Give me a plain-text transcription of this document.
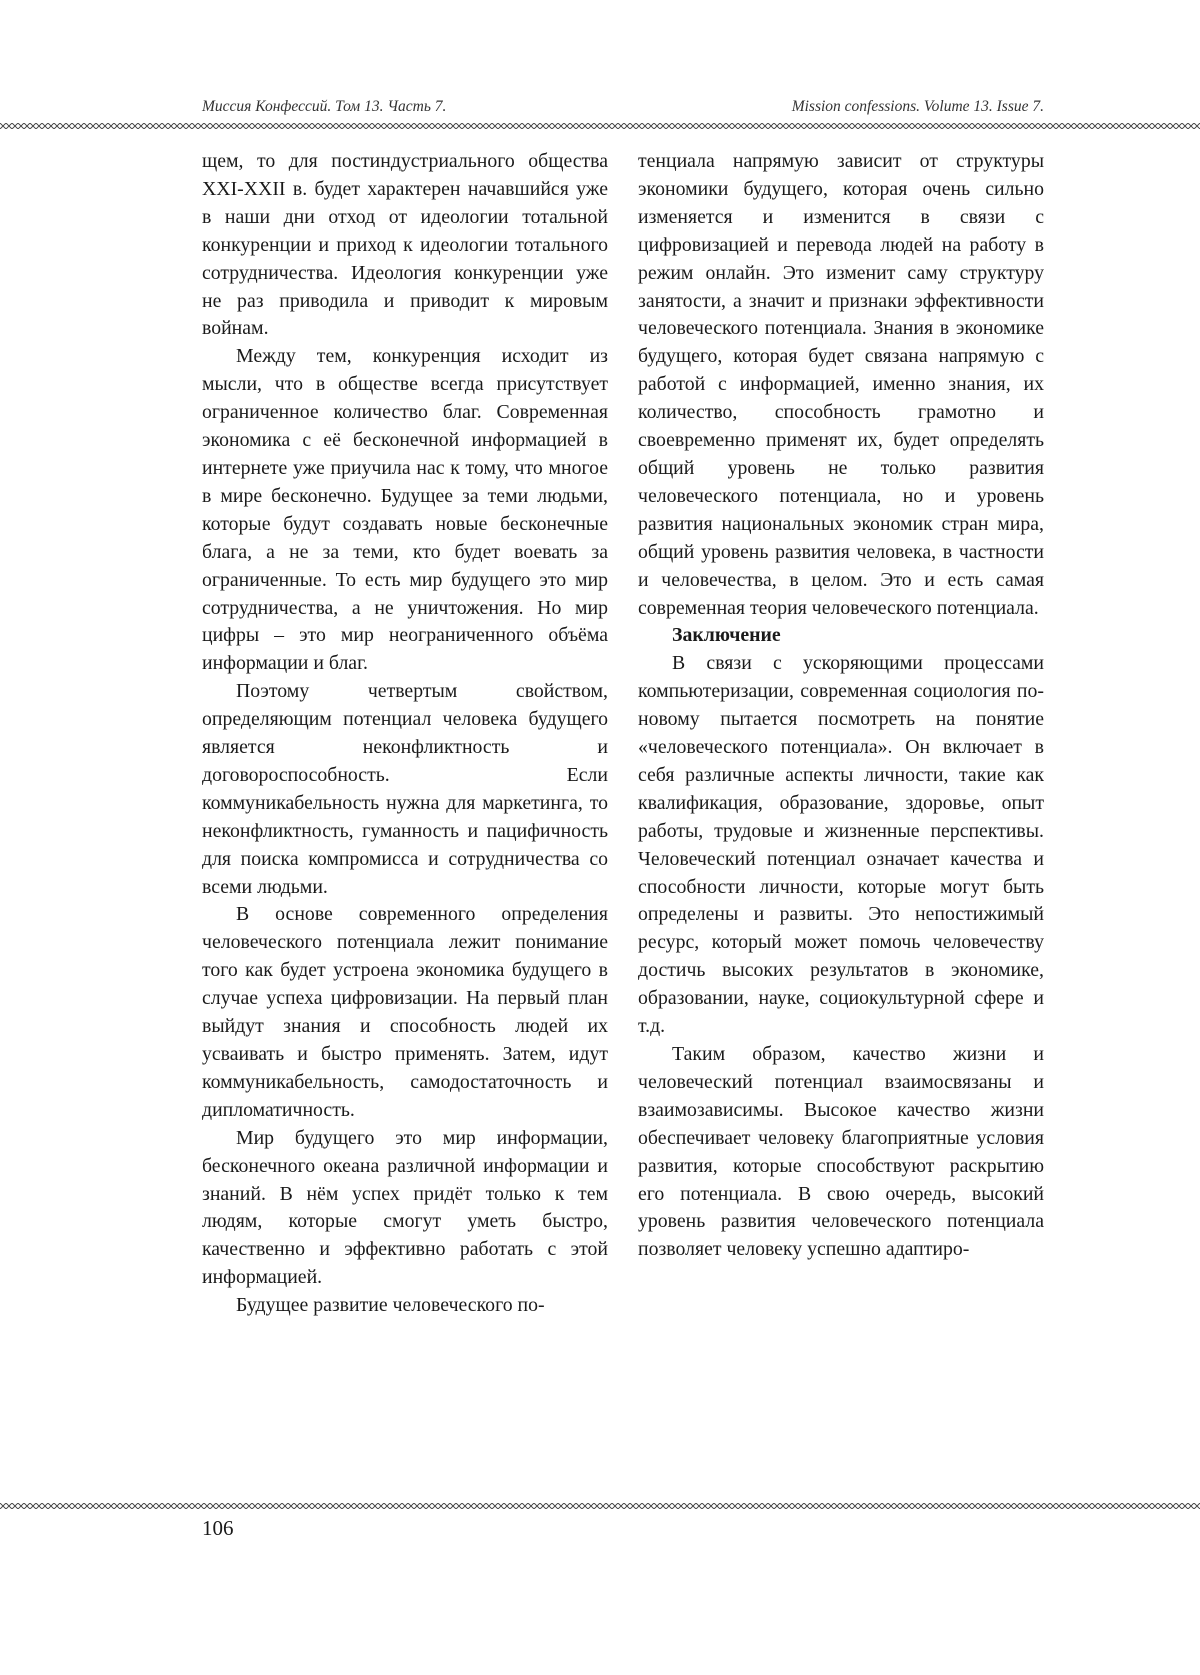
Миссия Конфессий. Том 13. Часть 7.	Mission confessions. Volume 13. Issue 7.

щем, то для постиндустриального общества XXI-XXII в. будет характерен начавшийся уже в наши дни отход от идеологии тотальной конкуренции и приход к идеологии тотального сотрудничества. Идеология конкуренции уже не раз приводила и приводит к мировым войнам.

Между тем, конкуренция исходит из мысли, что в обществе всегда присутствует ограниченное количество благ. Современная экономика с её бесконечной информацией в интернете уже приучила нас к тому, что многое в мире бесконечно. Будущее за теми людьми, которые будут создавать новые бесконечные блага, а не за теми, кто будет воевать за ограниченные. То есть мир будущего это мир сотрудничества, а не уничтожения. Но мир цифры – это мир неограниченного объёма информации и благ.

Поэтому четвертым свойством, определяющим потенциал человека будущего является неконфликтность и договороспособность. Если коммуникабельность нужна для маркетинга, то неконфликтность, гуманность и пацифичность для поиска компромисса и сотрудничества со всеми людьми.

В основе современного определения человеческого потенциала лежит понимание того как будет устроена экономика будущего в случае успеха цифровизации. На первый план выйдут знания и способность людей их усваивать и быстро применять. Затем, идут коммуникабельность, самодостаточность и дипломатичность.

Мир будущего это мир информации, бесконечного океана различной информации и знаний. В нём успех придёт только к тем людям, которые смогут уметь быстро, качественно и эффективно работать с этой информацией.

Будущее развитие человеческого по-

тенциала напрямую зависит от структуры экономики будущего, которая очень сильно изменяется и изменится в связи с цифровизацией и перевода людей на работу в режим онлайн. Это изменит саму структуру занятости, а значит и признаки эффективности человеческого потенциала. Знания в экономике будущего, которая будет связана напрямую с работой с информацией, именно знания, их количество, способность грамотно и своевременно применят их, будет определять общий уровень не только развития человеческого потенциала, но и уровень развития национальных экономик стран мира, общий уровень развития человека, в частности и человечества, в целом. Это и есть самая современная теория человеческого потенциала.

Заключение

В связи с ускоряющими процессами компьютеризации, современная социология по-новому пытается посмотреть на понятие «человеческого потенциала». Он включает в себя различные аспекты личности, такие как квалификация, образование, здоровье, опыт работы, трудовые и жизненные перспективы. Человеческий потенциал означает качества и способности личности, которые могут быть определены и развиты. Это непостижимый ресурс, который может помочь человечеству достичь высоких результатов в экономике, образовании, науке, социокультурной сфере и т.д.

Таким образом, качество жизни и человеческий потенциал взаимосвязаны и взаимозависимы. Высокое качество жизни обеспечивает человеку благоприятные условия развития, которые способствуют раскрытию его потенциала. В свою очередь, высокий уровень развития человеческого потенциала позволяет человеку успешно адаптиро-

106
